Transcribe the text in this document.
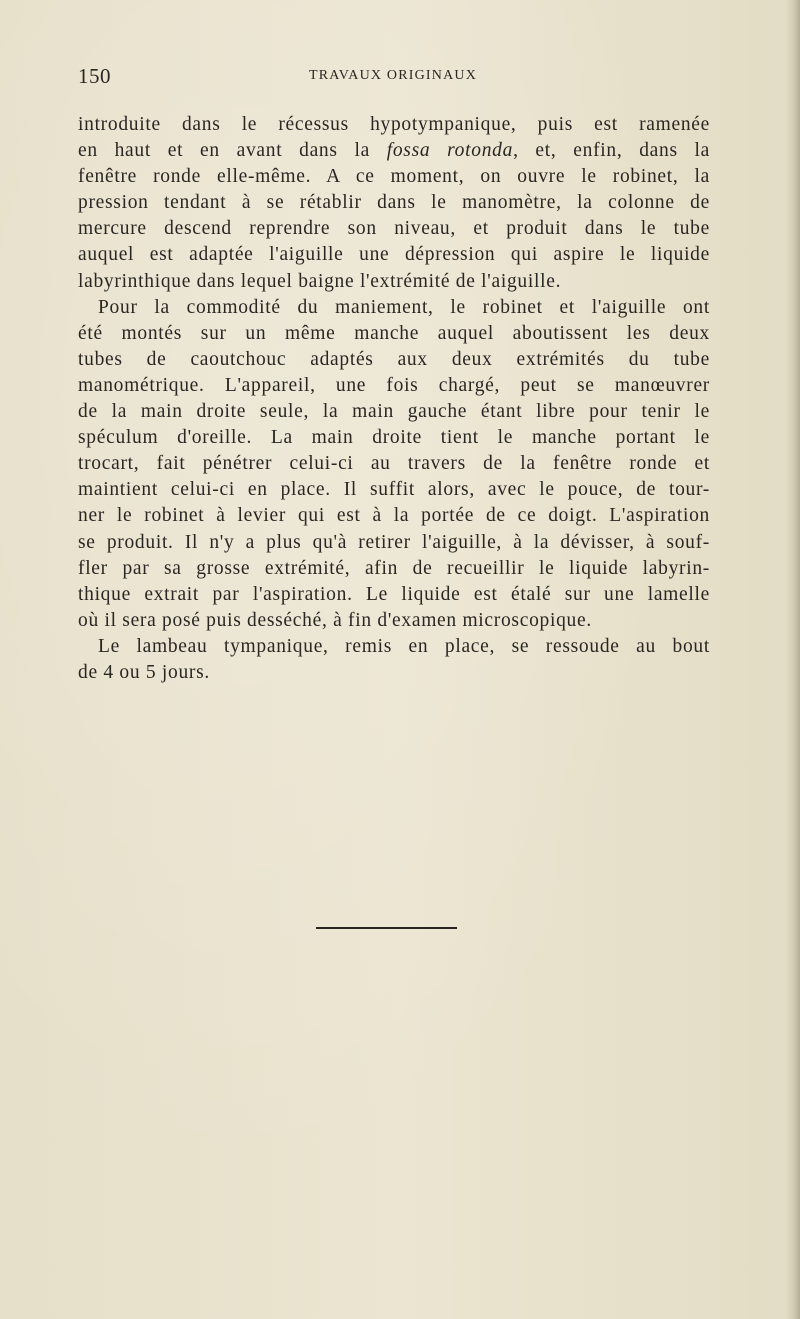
150	TRAVAUX ORIGINAUX
introduite dans le récessus hypotympanique, puis est ramenée
en haut et en avant dans la fossa rotonda, et, enfin, dans la
fenêtre ronde elle-même. A ce moment, on ouvre le robinet, la
pression tendant à se rétablir dans le manomètre, la colonne de
mercure descend reprendre son niveau, et produit dans le tube
auquel est adaptée l'aiguille une dépression qui aspire le liquide
labyrinthique dans lequel baigne l'extrémité de l'aiguille.
Pour la commodité du maniement, le robinet et l'aiguille ont
été montés sur un même manche auquel aboutissent les deux
tubes de caoutchouc adaptés aux deux extrémités du tube
manométrique. L'appareil, une fois chargé, peut se manœuvrer
de la main droite seule, la main gauche étant libre pour tenir le
spéculum d'oreille. La main droite tient le manche portant le
trocart, fait pénétrer celui-ci au travers de la fenêtre ronde et
maintient celui-ci en place. Il suffit alors, avec le pouce, de tour-
ner le robinet à levier qui est à la portée de ce doigt. L'aspiration
se produit. Il n'y a plus qu'à retirer l'aiguille, à la dévisser, à souf-
fler par sa grosse extrémité, afin de recueillir le liquide labyrin-
thique extrait par l'aspiration. Le liquide est étalé sur une lamelle
où il sera posé puis desséché, à fin d'examen microscopique.
Le lambeau tympanique, remis en place, se ressoude au bout
de 4 ou 5 jours.
